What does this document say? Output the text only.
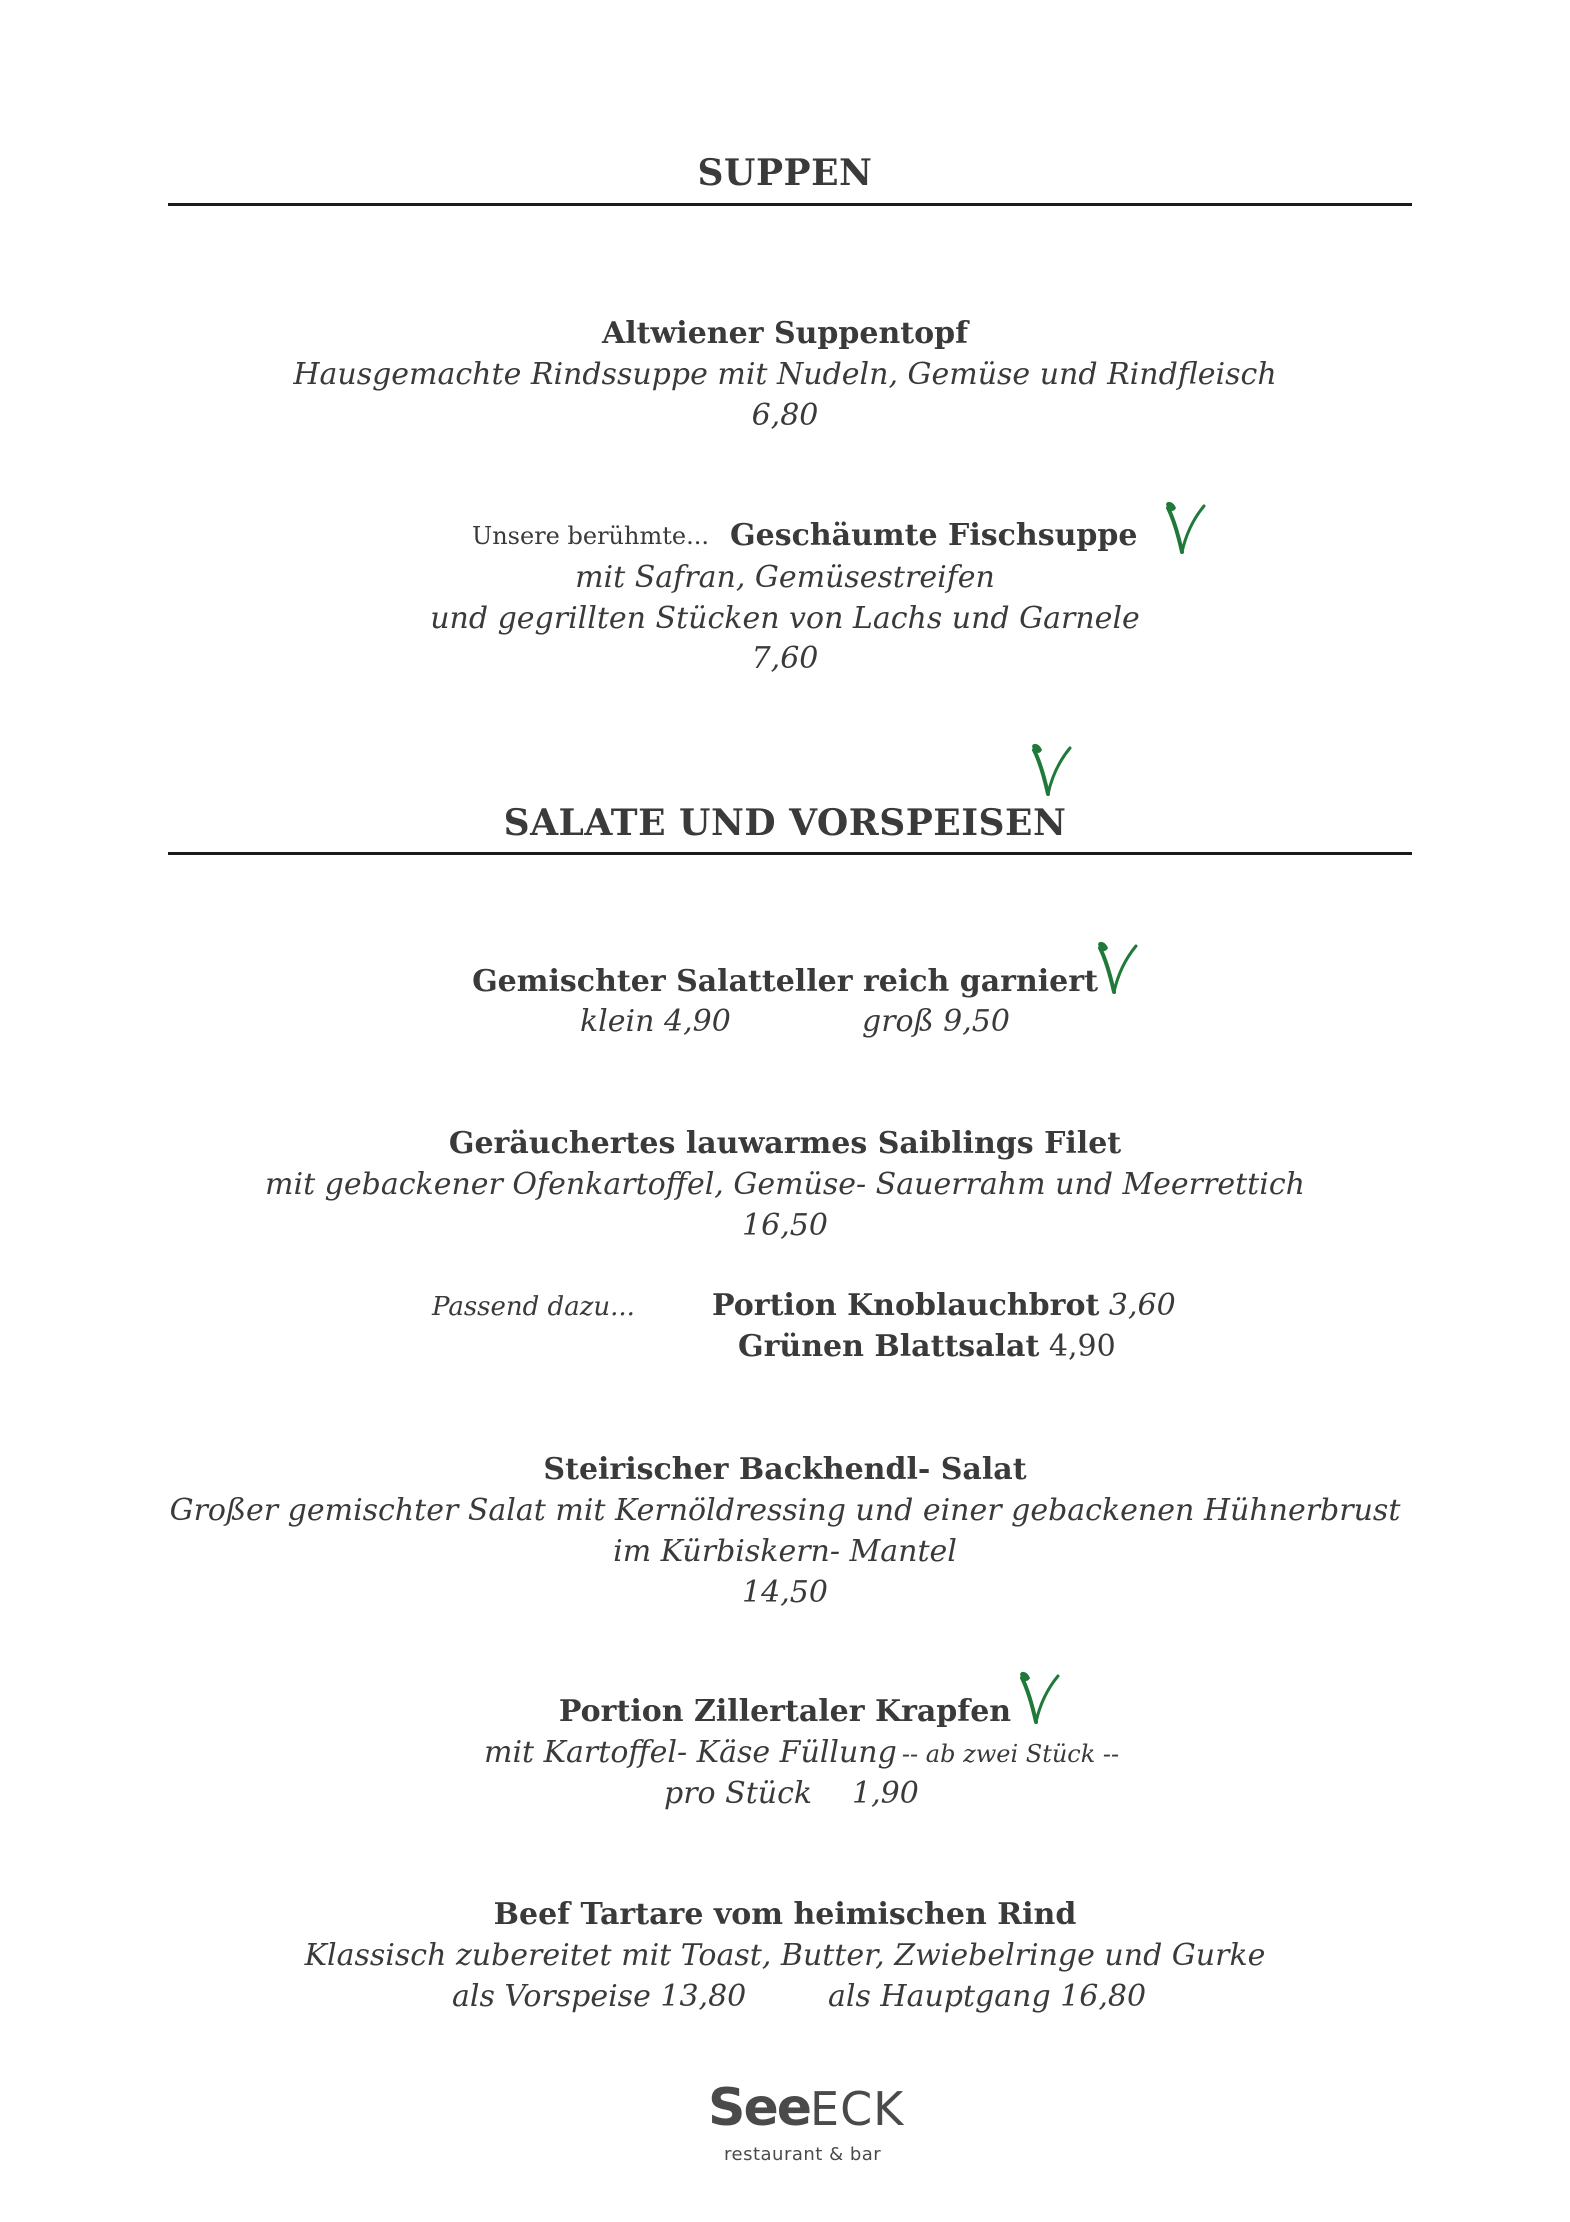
SUPPEN
Altwiener Suppentopf
Hausgemachte Rindssuppe mit Nudeln, Gemüse und Rindfleisch
6,80
Unsere berühmte... Geschäumte Fischsuppe
mit Safran, Gemüsestreifen
und gegrillten Stücken von Lachs und Garnele
7,60
SALATE UND VORSPEISEN
Gemischter Salatteller reich garniert
klein 4,90	groß 9,50
Geräuchertes lauwarmes Saiblings Filet
mit gebackener Ofenkartoffel, Gemüse- Sauerrahm und Meerrettich
16,50
Passend dazu...	Portion Knoblauchbrot 3,60
Grünen Blattsalat 4,90
Steirischer Backhendl- Salat
Großer gemischter Salat mit Kernöldressing und einer gebackenen Hühnerbrust
im Kürbiskern- Mantel
14,50
Portion Zillertaler Krapfen
mit Kartoffel- Käse Füllung -- ab zwei Stück --
pro Stück 1,90
Beef Tartare vom heimischen Rind
Klassisch zubereitet mit Toast, Butter, Zwiebelringe und Gurke
als Vorspeise 13,80	als Hauptgang 16,80
SeeECK
restaurant & bar
